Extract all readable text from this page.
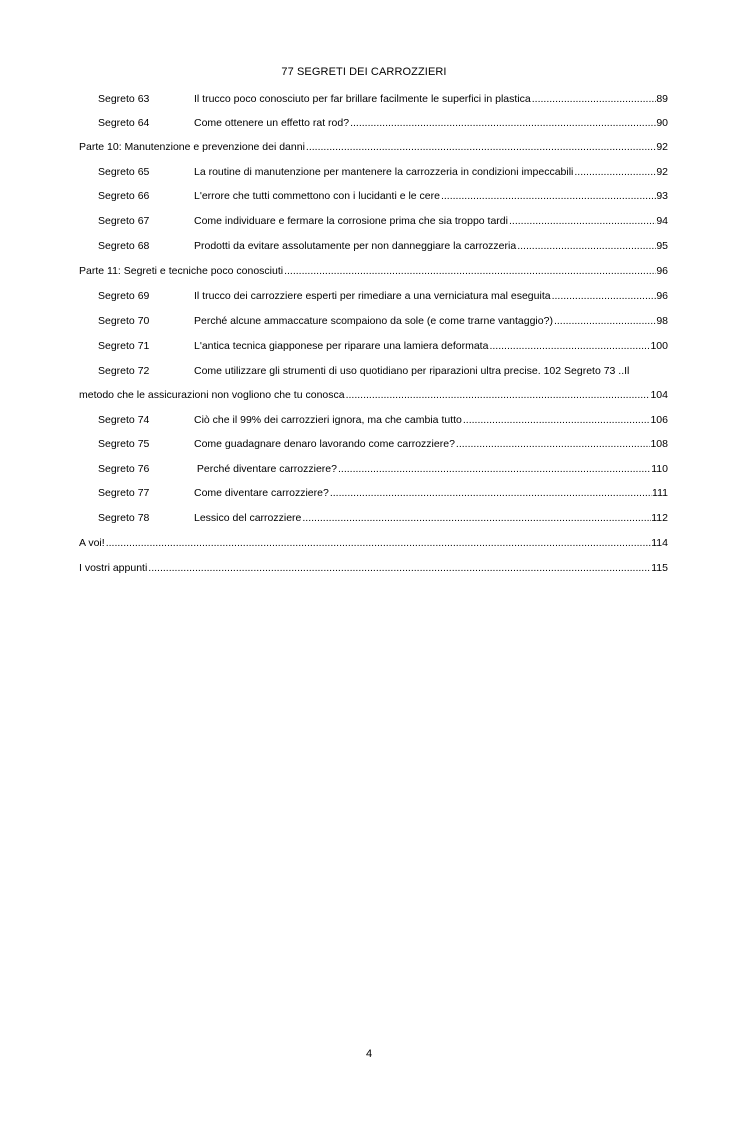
77 SEGRETI DEI CARROZZIERI
Segreto 63	Il trucco poco conosciuto per far brillare facilmente le superfici in plastica .....	89
Segreto 64	Come ottenere un effetto rat rod? .....	90
Parte 10: Manutenzione e prevenzione dei danni .....	92
Segreto 65	La routine di manutenzione per mantenere la carrozzeria in condizioni impeccabili .....	92
Segreto 66	L'errore che tutti commettono con i lucidanti e le cere .....	93
Segreto 67	Come individuare e fermare la corrosione prima che sia troppo tardi .....	94
Segreto 68	Prodotti da evitare assolutamente per non danneggiare la carrozzeria .....	95
Parte 11: Segreti e tecniche poco conosciuti .....	96
Segreto 69	Il trucco dei carrozziere esperti per rimediare a una verniciatura mal eseguita .....	96
Segreto 70	Perché alcune ammaccature scompaiono da sole (e come trarne vantaggio?) .....	98
Segreto 71	L'antica tecnica giapponese per riparare una lamiera deformata .....	100
Segreto 72	Come utilizzare gli strumenti di uso quotidiano per riparazioni ultra precise. 102 Segreto 73 ..Il
metodo che le assicurazioni non vogliono che tu conosca .....	104
Segreto 74	Ciò che il 99% dei carrozzieri ignora, ma che cambia tutto .....	106
Segreto 75	Come guadagnare denaro lavorando come carrozziere? .....	108
Segreto 76	Perché diventare carrozziere? .....	110
Segreto 77	Come diventare carrozziere? .....	111
Segreto 78	Lessico del carrozziere .....	112
A voi! .....	114
I vostri appunti .....	115
4
